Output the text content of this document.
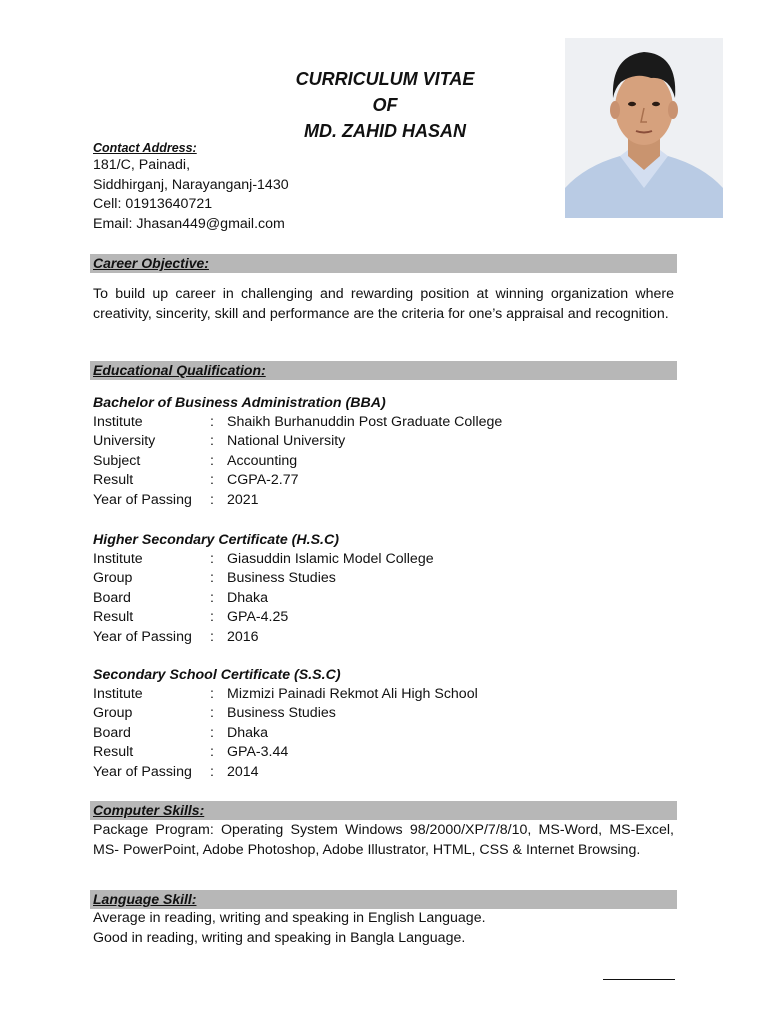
CURRICULUM VITAE
OF
MD. ZAHID HASAN
Contact Address:
181/C, Painadi,
Siddhirganj, Narayanganj-1430
Cell: 01913640721
Email: Jhasan449@gmail.com
Career Objective:
To build up career in challenging and rewarding position at winning organization where creativity, sincerity, skill and performance are the criteria for one’s appraisal and recognition.
Educational Qualification:
Bachelor of Business Administration (BBA)
Institute	: Shaikh Burhanuddin Post Graduate College
University	: National University
Subject	: Accounting
Result	: CGPA-2.77
Year of Passing : 2021
Higher Secondary Certificate (H.S.C)
Institute	: Giasuddin Islamic Model College
Group	: Business Studies
Board	: Dhaka
Result	: GPA-4.25
Year of Passing : 2016
Secondary School Certificate (S.S.C)
Institute	: Mizmizi Painadi Rekmot Ali High School
Group	: Business Studies
Board	: Dhaka
Result	: GPA-3.44
Year of Passing : 2014
Computer Skills:
Package Program: Operating System Windows 98/2000/XP/7/8/10, MS-Word, MS-Excel, MS- PowerPoint, Adobe Photoshop, Adobe Illustrator, HTML, CSS & Internet Browsing.
Language Skill:
Average in reading, writing and speaking in English Language.
Good in reading, writing and speaking in Bangla Language.
